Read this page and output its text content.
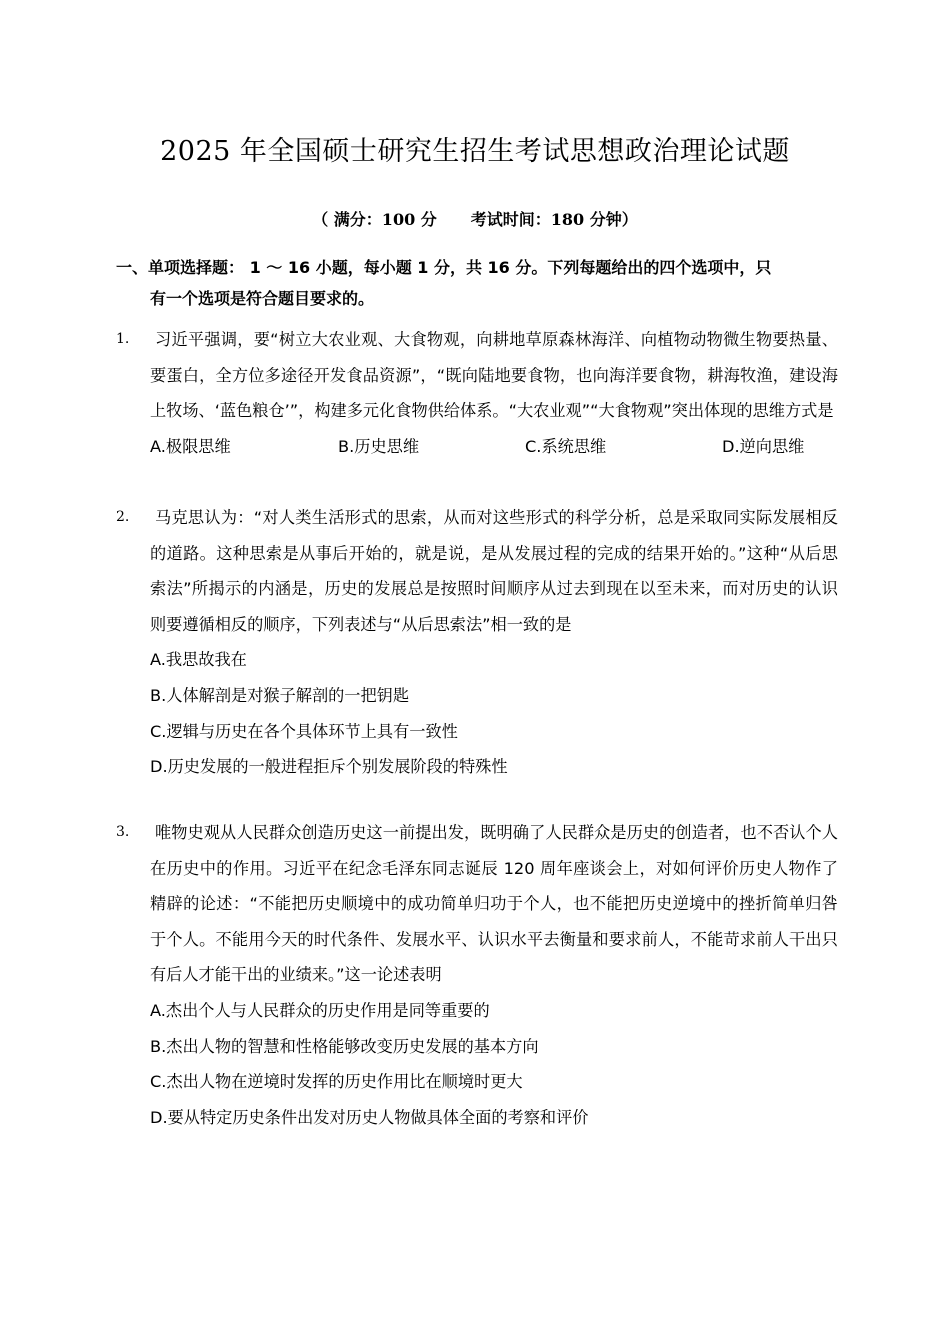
2025 年全国硕士研究生招生考试思想政治理论试题
（ 满分：100 分 考试时间：180 分钟）
一、单项选择题： 1 ～ 16 小题，每小题 1 分，共 16 分。下列每题给出的四个选项中，只
有一个选项是符合题目要求的。
1.	习近平强调，要“树立大农业观、大食物观，向耕地草原森林海洋、向植物动物微生物要热量、要蛋白，全方位多途径开发食品资源”，“既向陆地要食物，也向海洋要食物，耕海牧渔，建设海上牧场、‘蓝色粮仓’”，构建多元化食物供给体系。“大农业观”“大食物观”突出体现的思维方式是
A.极限思维	B.历史思维	C.系统思维	D.逆向思维
2.	马克思认为：“对人类生活形式的思索，从而对这些形式的科学分析，总是采取同实际发展相反的道路。这种思索是从事后开始的，就是说，是从发展过程的完成的结果开始的。”这种“从后思索法”所揭示的内涵是，历史的发展总是按照时间顺序从过去到现在以至未来，而对历史的认识则要遵循相反的顺序，下列表述与“从后思索法”相一致的是
A.我思故我在
B.人体解剖是对猴子解剖的一把钥匙
C.逻辑与历史在各个具体环节上具有一致性
D.历史发展的一般进程拒斥个别发展阶段的特殊性
3.	唯物史观从人民群众创造历史这一前提出发，既明确了人民群众是历史的创造者，也不否认个人在历史中的作用。习近平在纪念毛泽东同志诞辰 120 周年座谈会上，对如何评价历史人物作了精辟的论述：“不能把历史顺境中的成功简单归功于个人，也不能把历史逆境中的挫折简单归咎于个人。不能用今天的时代条件、发展水平、认识水平去衡量和要求前人，不能苛求前人干出只有后人才能干出的业绩来。”这一论述表明
A.杰出个人与人民群众的历史作用是同等重要的
B.杰出人物的智慧和性格能够改变历史发展的基本方向
C.杰出人物在逆境时发挥的历史作用比在顺境时更大
D.要从特定历史条件出发对历史人物做具体全面的考察和评价
